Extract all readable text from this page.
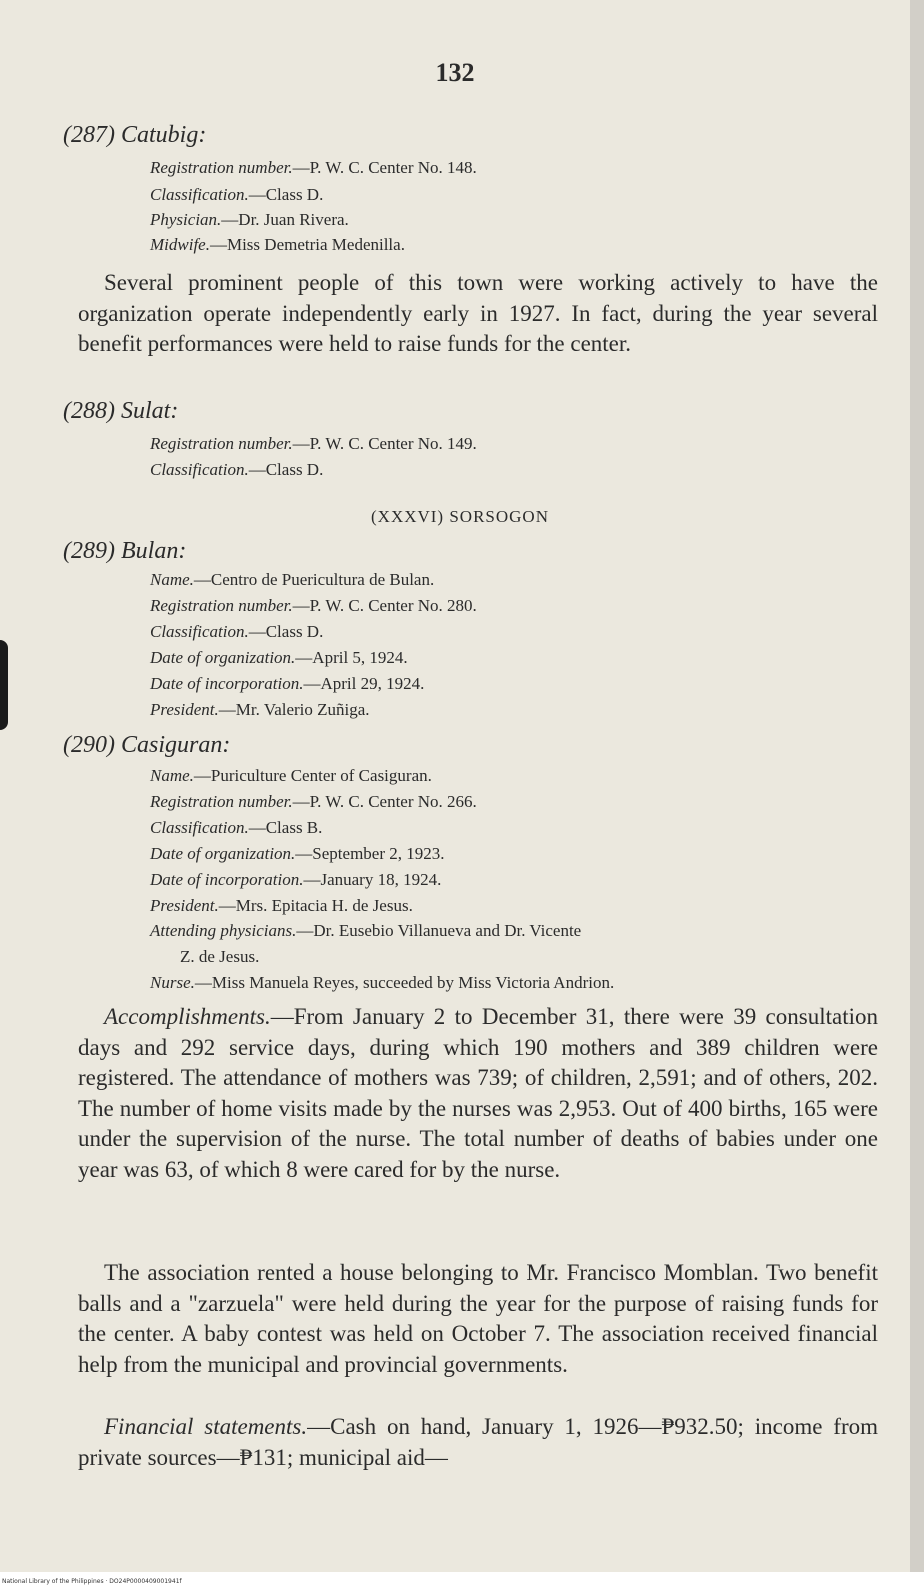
132
(287) Catubig:
Registration number.—P. W. C. Center No. 148.
Classification.—Class D.
Physician.—Dr. Juan Rivera.
Midwife.—Miss Demetria Medenilla.
Several prominent people of this town were working actively to have the organization operate independently early in 1927. In fact, during the year several benefit performances were held to raise funds for the center.
(288) Sulat:
Registration number.—P. W. C. Center No. 149.
Classification.—Class D.
(XXXVI) SORSOGON
(289) Bulan:
Name.—Centro de Puericultura de Bulan.
Registration number.—P. W. C. Center No. 280.
Classification.—Class D.
Date of organization.—April 5, 1924.
Date of incorporation.—April 29, 1924.
President.—Mr. Valerio Zuñiga.
(290) Casiguran:
Name.—Puriculture Center of Casiguran.
Registration number.—P. W. C. Center No. 266.
Classification.—Class B.
Date of organization.—September 2, 1923.
Date of incorporation.—January 18, 1924.
President.—Mrs. Epitacia H. de Jesus.
Attending physicians.—Dr. Eusebio Villanueva and Dr. Vicente
Z. de Jesus.
Nurse.—Miss Manuela Reyes, succeeded by Miss Victoria Andrion.
Accomplishments.—From January 2 to December 31, there were 39 consultation days and 292 service days, during which 190 mothers and 389 children were registered. The attendance of mothers was 739; of children, 2,591; and of others, 202. The number of home visits made by the nurses was 2,953. Out of 400 births, 165 were under the supervision of the nurse. The total number of deaths of babies under one year was 63, of which 8 were cared for by the nurse.
The association rented a house belonging to Mr. Francisco Momblan. Two benefit balls and a "zarzuela" were held during the year for the purpose of raising funds for the center. A baby contest was held on October 7. The association received financial help from the municipal and provincial governments.
Financial statements.—Cash on hand, January 1, 1926—₱932.50; income from private sources—₱131; municipal aid—
National Library of the Philippines · DO24P0000409001941f
